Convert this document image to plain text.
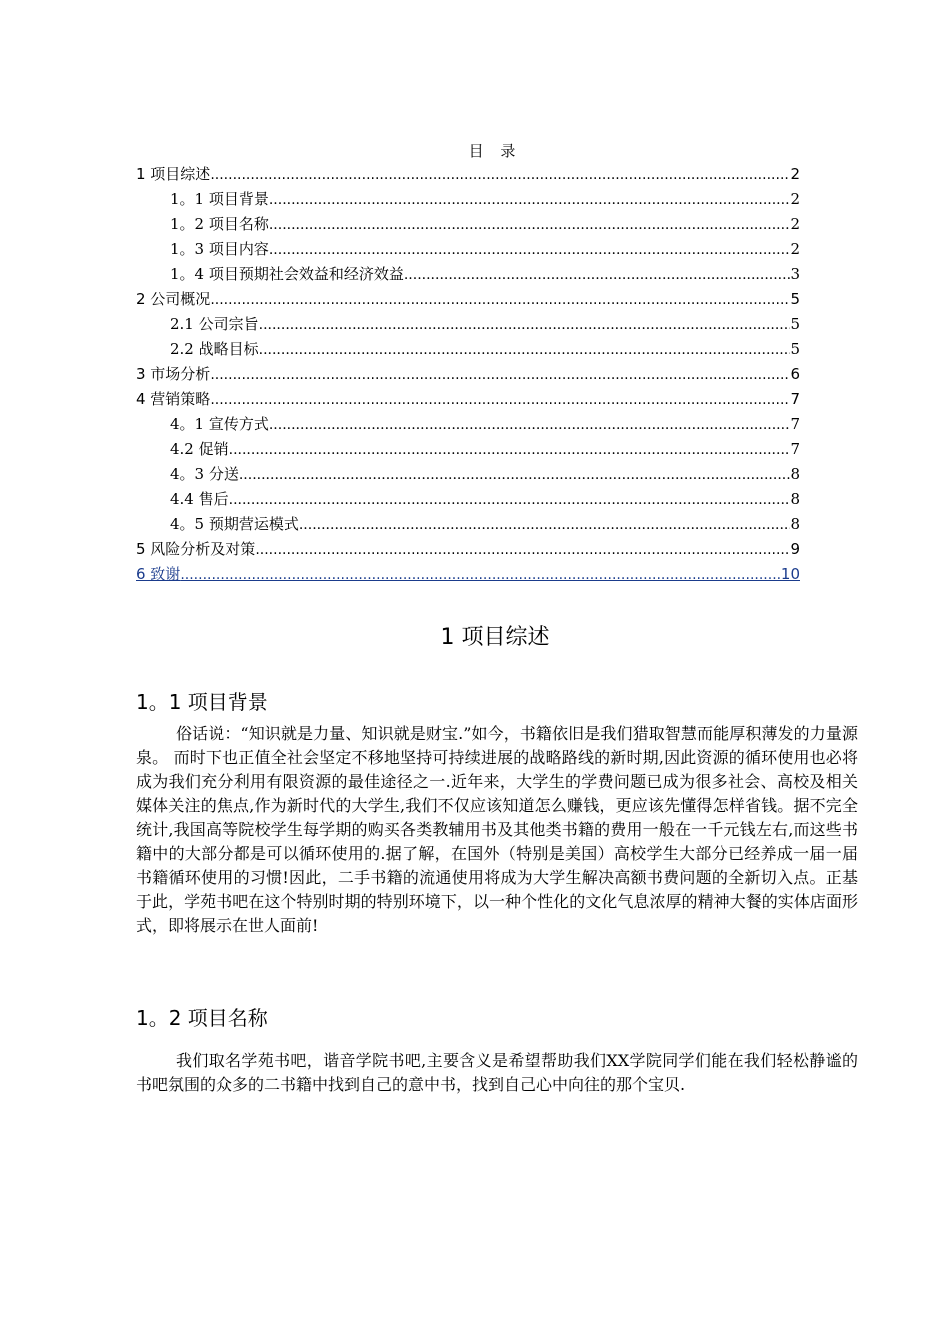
目 录
1 项目综述 .....	2
1。1 项目背景 .....	2
1。2 项目名称 .....	2
1。3 项目内容 .....	2
1。4 项目预期社会效益和经济效益 .....	3
2 公司概况 .....	5
2.1 公司宗旨 .....	5
2.2 战略目标 .....	5
3 市场分析 .....	6
4 营销策略 .....	7
4。1 宣传方式 .....	7
4.2 促销 .....	7
4。3 分送 .....	8
4.4 售后 .....	8
4。5 预期营运模式 .....	8
5 风险分析及对策 .....	9
6 致谢 .....	10
1 项目综述
1。1 项目背景

俗话说：“知识就是力量、知识就是财宝.”如今，书籍依旧是我们猎取智慧而能厚积薄发的力量源泉。 而时下也正值全社会坚定不移地坚持可持续进展的战略路线的新时期,因此资源的循环使用也必将成为我们充分利用有限资源的最佳途径之一.近年来，大学生的学费问题已成为很多社会、高校及相关媒体关注的焦点,作为新时代的大学生,我们不仅应该知道怎么赚钱，更应该先懂得怎样省钱。据不完全统计,我国高等院校学生每学期的购买各类教辅用书及其他类书籍的费用一般在一千元钱左右,而这些书籍中的大部分都是可以循环使用的.据了解，在国外（特别是美国）高校学生大部分已经养成一届一届书籍循环使用的习惯!因此，二手书籍的流通使用将成为大学生解决高额书费问题的全新切入点。正基于此，学苑书吧在这个特别时期的特别环境下，以一种个性化的文化气息浓厚的精神大餐的实体店面形式，即将展示在世人面前!

1。2 项目名称

我们取名学苑书吧，谐音学院书吧,主要含义是希望帮助我们XX学院同学们能在我们轻松静谧的书吧氛围的众多的二书籍中找到自己的意中书，找到自己心中向往的那个宝贝.
